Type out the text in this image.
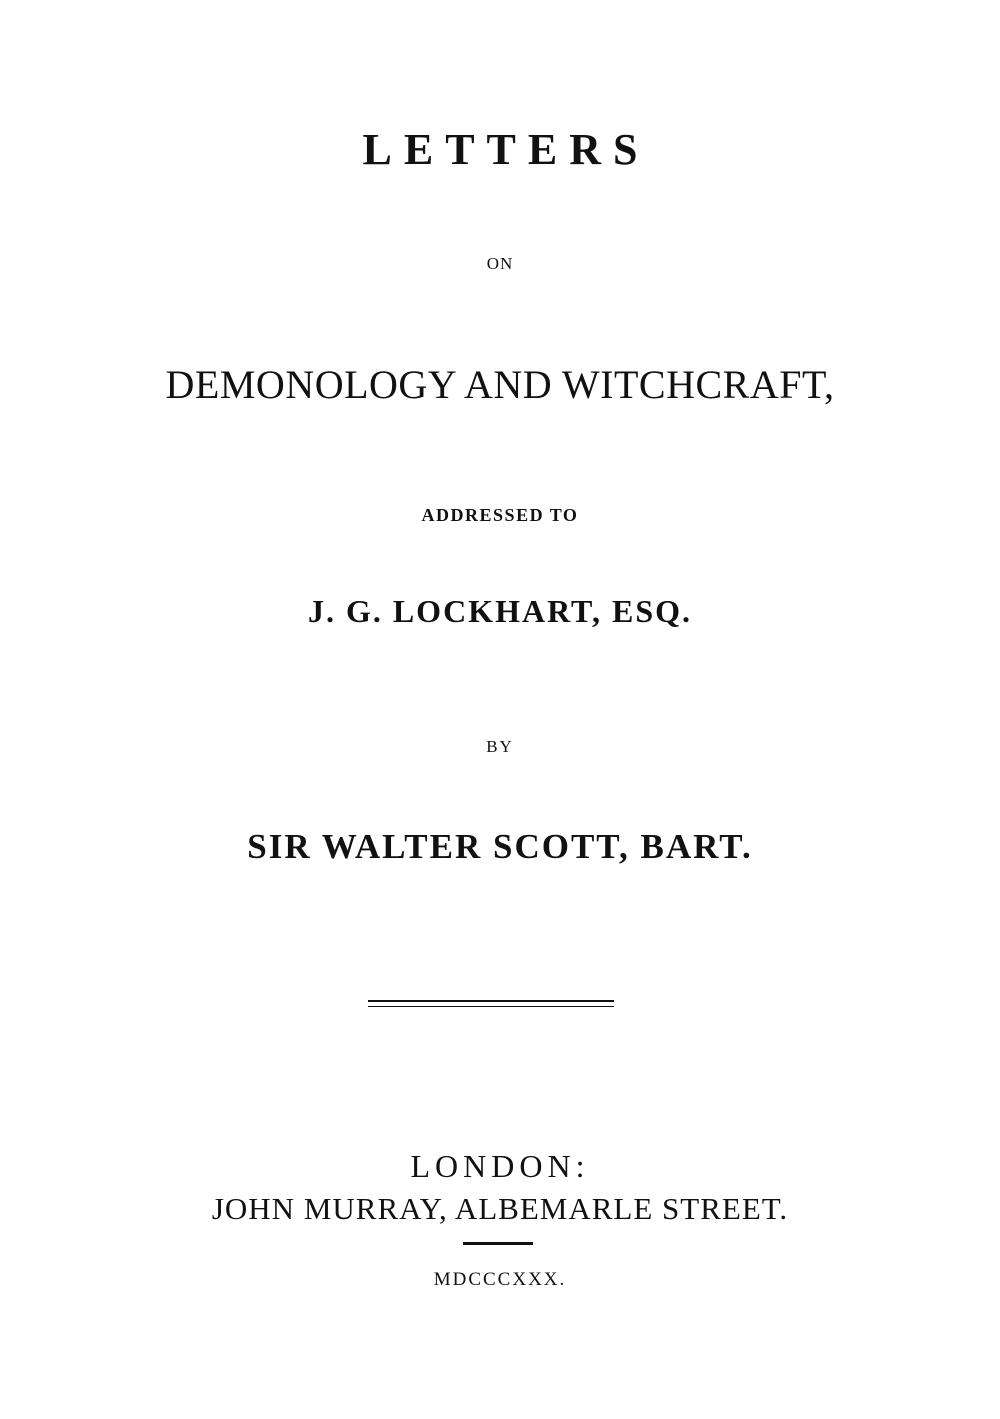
LETTERS
ON
DEMONOLOGY AND WITCHCRAFT,
ADDRESSED TO
J. G. LOCKHART, ESQ.
BY
SIR WALTER SCOTT, BART.
LONDON:
JOHN MURRAY, ALBEMARLE STREET.
MDCCCXXX.
